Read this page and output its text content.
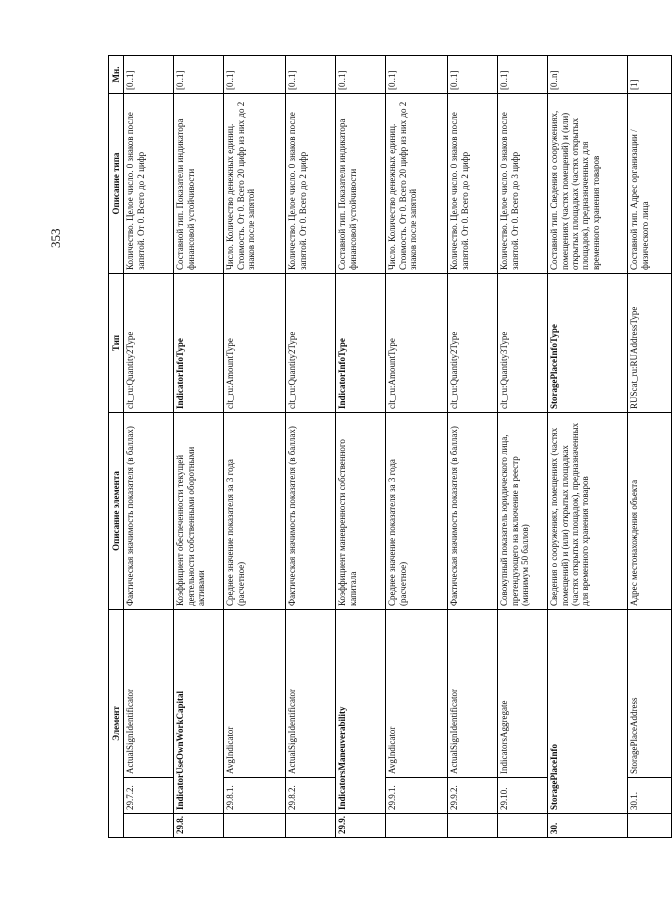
353
Элемент			Описание элемента	Тип	Описание типа	Мн.
	29.7.2.	ActualSignIdentificator	Фактическая значимость показателя (в баллах)	clt_ru:Quantity2Type	Количество. Целое число. 0 знаков после запятой. От 0. Всего до 2 цифр	[0..1]
29.8.	IndicatorUseOwnWorkCapital		Коэффициент обеспеченности текущей деятельности собственными оборотными активами	IndicatorInfoType	Составной тип. Показатели индикатора финансовой устойчивости	[0..1]
	29.8.1.	AvgIndicator	Среднее значение показателя за 3 года (расчетное)	clt_ru:AmountType	Число. Количество денежных единиц. Стоимость. От 0. Всего 20 цифр из них до 2 знаков после запятой	[0..1]
	29.8.2.	ActualSignIdentificator	Фактическая значимость показателя (в баллах)	clt_ru:Quantity2Type	Количество. Целое число. 0 знаков после запятой. От 0. Всего до 2 цифр	[0..1]
29.9.	IndicatorsManeuverability		Коэффициент маневренности собственного капитала	IndicatorInfoType	Составной тип. Показатели индикатора финансовой устойчивости	[0..1]
	29.9.1.	AvgIndicator	Среднее значение показателя за 3 года (расчетное)	clt_ru:AmountType	Число. Количество денежных единиц. Стоимость. От 0. Всего 20 цифр из них до 2 знаков после запятой	[0..1]
	29.9.2.	ActualSignIdentificator	Фактическая значимость показателя (в баллах)	clt_ru:Quantity2Type	Количество. Целое число. 0 знаков после запятой. От 0. Всего до 2 цифр	[0..1]
	29.10.	IndicatorsAggregate	Совокупный показатель юридического лица, претендующего на включение в реестр (минимум 50 баллов)	clt_ru:Quantity3Type	Количество. Целое число. 0 знаков после запятой. От 0. Всего до 3 цифр	[0..1]
30.	StoragePlaceInfo		Сведения о сооружениях, помещениях (частях помещений) и (или) открытых площадках (частях открытых площадок), предназначенных для временного хранения товаров	StoragePlaceInfoType	Составной тип. Сведения о сооружениях, помещениях (частях помещений) и (или) открытых площадках (частях открытых площадок), предназначенных для временного хранения товаров	[0..n]
	30.1.	StoragePlaceAddress	Адрес местонахождения объекта	RUScat_ru:RUAddressType	Составной тип. Адрес организации / физического лица	[1]
